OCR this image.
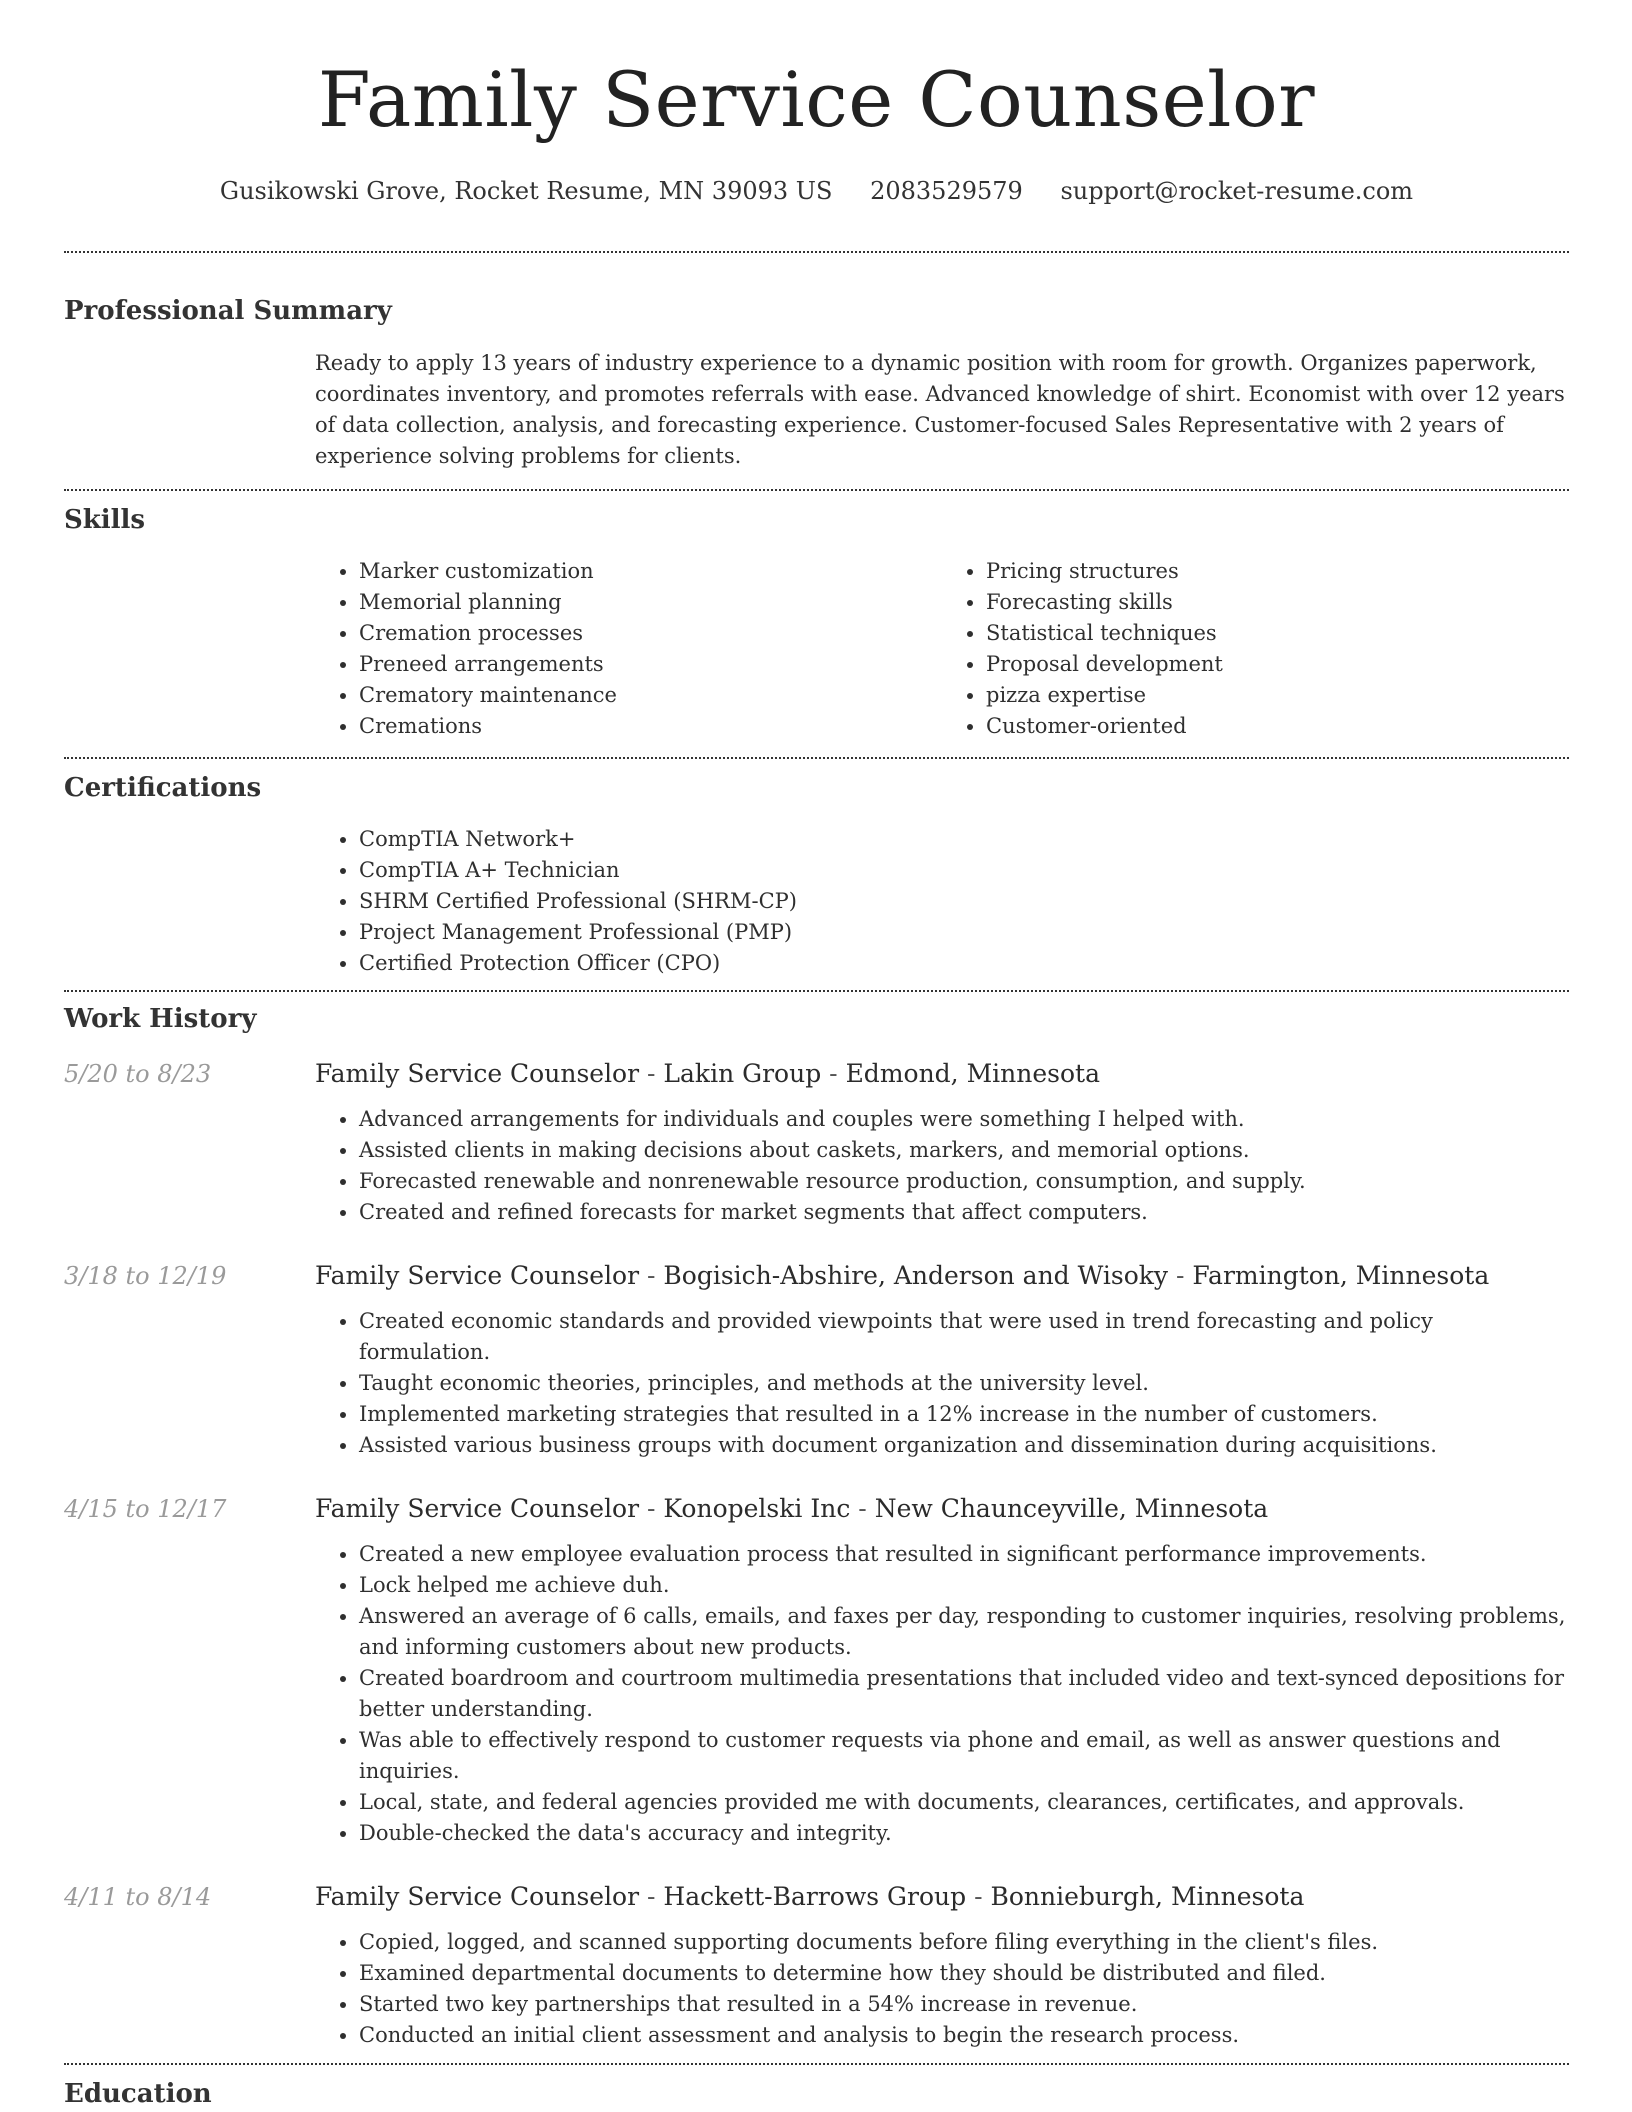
Family Service Counselor
Gusikowski Grove, Rocket Resume, MN 39093 US 2083529579 support@rocket-resume.com
Professional Summary
Ready to apply 13 years of industry experience to a dynamic position with room for growth. Organizes paperwork, coordinates inventory, and promotes referrals with ease. Advanced knowledge of shirt. Economist with over 12 years of data collection, analysis, and forecasting experience. Customer-focused Sales Representative with 2 years of experience solving problems for clients.
Skills
• Marker customization
• Memorial planning
• Cremation processes
• Preneed arrangements
• Crematory maintenance
• Cremations
• Pricing structures
• Forecasting skills
• Statistical techniques
• Proposal development
• pizza expertise
• Customer-oriented
Certifications
• CompTIA Network+
• CompTIA A+ Technician
• SHRM Certified Professional (SHRM-CP)
• Project Management Professional (PMP)
• Certified Protection Officer (CPO)
Work History
5/20 to 8/23	Family Service Counselor - Lakin Group - Edmond, Minnesota
• Advanced arrangements for individuals and couples were something I helped with.
• Assisted clients in making decisions about caskets, markers, and memorial options.
• Forecasted renewable and nonrenewable resource production, consumption, and supply.
• Created and refined forecasts for market segments that affect computers.
3/18 to 12/19	Family Service Counselor - Bogisich-Abshire, Anderson and Wisoky - Farmington, Minnesota
• Created economic standards and provided viewpoints that were used in trend forecasting and policy formulation.
• Taught economic theories, principles, and methods at the university level.
• Implemented marketing strategies that resulted in a 12% increase in the number of customers.
• Assisted various business groups with document organization and dissemination during acquisitions.
4/15 to 12/17	Family Service Counselor - Konopelski Inc - New Chaunceyville, Minnesota
• Created a new employee evaluation process that resulted in significant performance improvements.
• Lock helped me achieve duh.
• Answered an average of 6 calls, emails, and faxes per day, responding to customer inquiries, resolving problems, and informing customers about new products.
• Created boardroom and courtroom multimedia presentations that included video and text-synced depositions for better understanding.
• Was able to effectively respond to customer requests via phone and email, as well as answer questions and inquiries.
• Local, state, and federal agencies provided me with documents, clearances, certificates, and approvals.
• Double-checked the data's accuracy and integrity.
4/11 to 8/14	Family Service Counselor - Hackett-Barrows Group - Bonnieburgh, Minnesota
• Copied, logged, and scanned supporting documents before filing everything in the client's files.
• Examined departmental documents to determine how they should be distributed and filed.
• Started two key partnerships that resulted in a 54% increase in revenue.
• Conducted an initial client assessment and analysis to begin the research process.
Education
